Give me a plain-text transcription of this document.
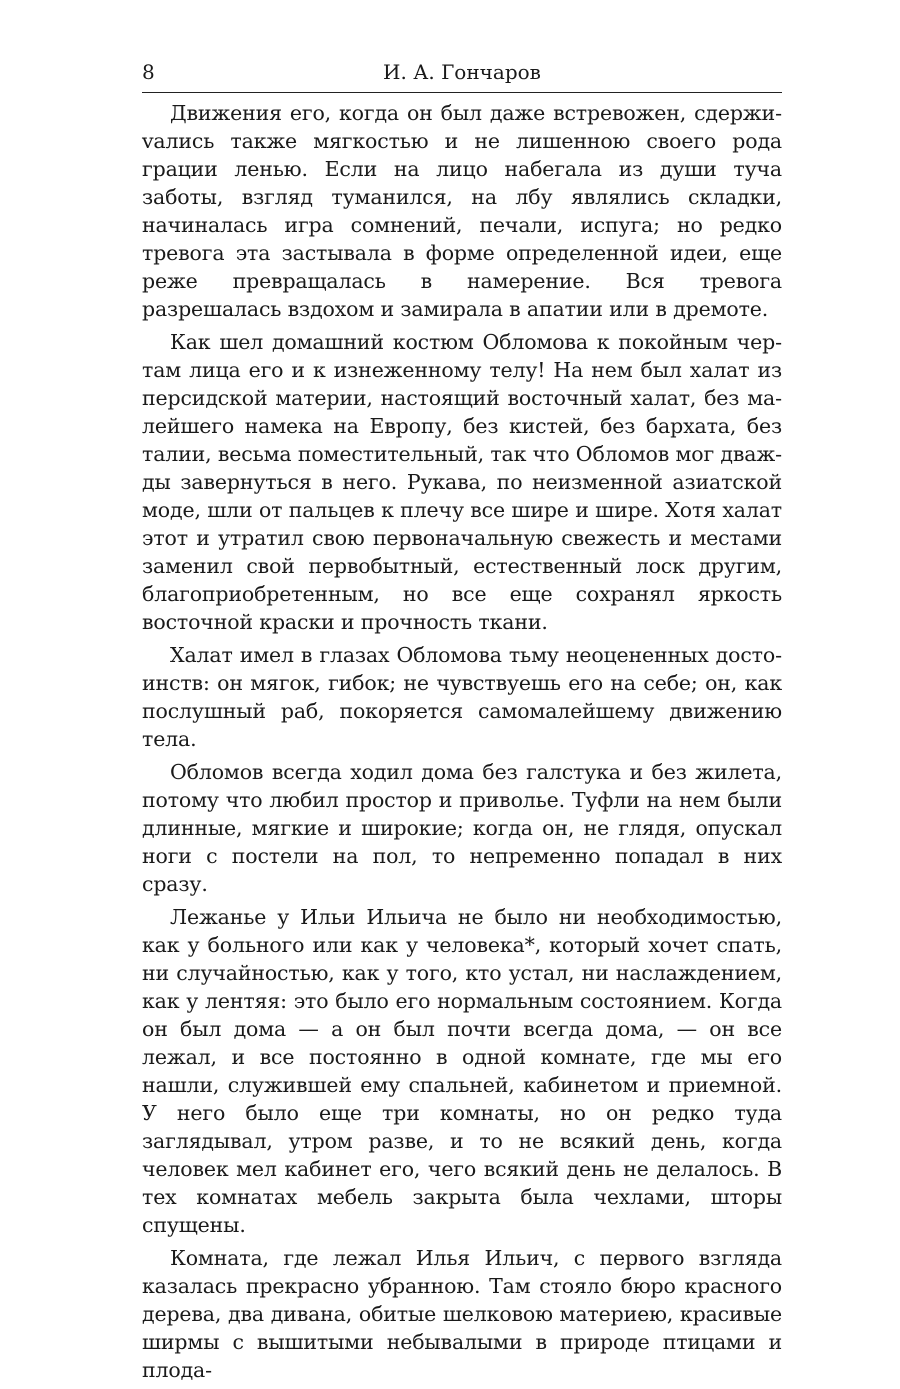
8	И. А. Гончаров

Движения его, когда он был даже встревожен, сдержиvались также мягкостью и не лишенною своего рода грации ленью. Если на лицо набегала из души туча заботы, взгляд туманился, на лбу являлись складки, начиналась игра сомнений, печали, испуга; но редко тревога эта застывала в форме определенной идеи, еще реже превращалась в намерение. Вся тревога разрешалась вздохом и замирала в апатии или в дремоте.

Как шел домашний костюм Обломова к покойным чертам лица его и к изнеженному телу! На нем был халат из персидской материи, настоящий восточный халат, без малейшего намека на Европу, без кистей, без бархата, без талии, весьма поместительный, так что Обломов мог дважды завернуться в него. Рукава, по неизменной азиатской моде, шли от пальцев к плечу все шире и шире. Хотя халат этот и утратил свою первоначальную свежесть и местами заменил свой первобытный, естественный лоск другим, благоприобретенным, но все еще сохранял яркость восточной краски и прочность ткани.

Халат имел в глазах Обломова тьму неоцененных достоинств: он мягок, гибок; не чувствуешь его на себе; он, как послушный раб, покоряется самомалейшему движению тела.

Обломов всегда ходил дома без галстука и без жилета, потому что любил простор и приволье. Туфли на нем были длинные, мягкие и широкие; когда он, не глядя, опускал ноги с постели на пол, то непременно попадал в них сразу.

Лежанье у Ильи Ильича не было ни необходимостью, как у больного или как у человека*, который хочет спать, ни случайностью, как у того, кто устал, ни наслаждением, как у лентяя: это было его нормальным состоянием. Когда он был дома — а он был почти всегда дома, — он все лежал, и все постоянно в одной комнате, где мы его нашли, служившей ему спальней, кабинетом и приемной. У него было еще три комнаты, но он редко туда заглядывал, утром разве, и то не всякий день, когда человек мел кабинет его, чего всякий день не делалось. В тех комнатах мебель закрыта была чехлами, шторы спущены.

Комната, где лежал Илья Ильич, с первого взгляда казалась прекрасно убранною. Там стояло бюро красного дерева, два дивана, обитые шелковою материею, красивые ширмы с вышитыми небывалыми в природе птицами и плода-
